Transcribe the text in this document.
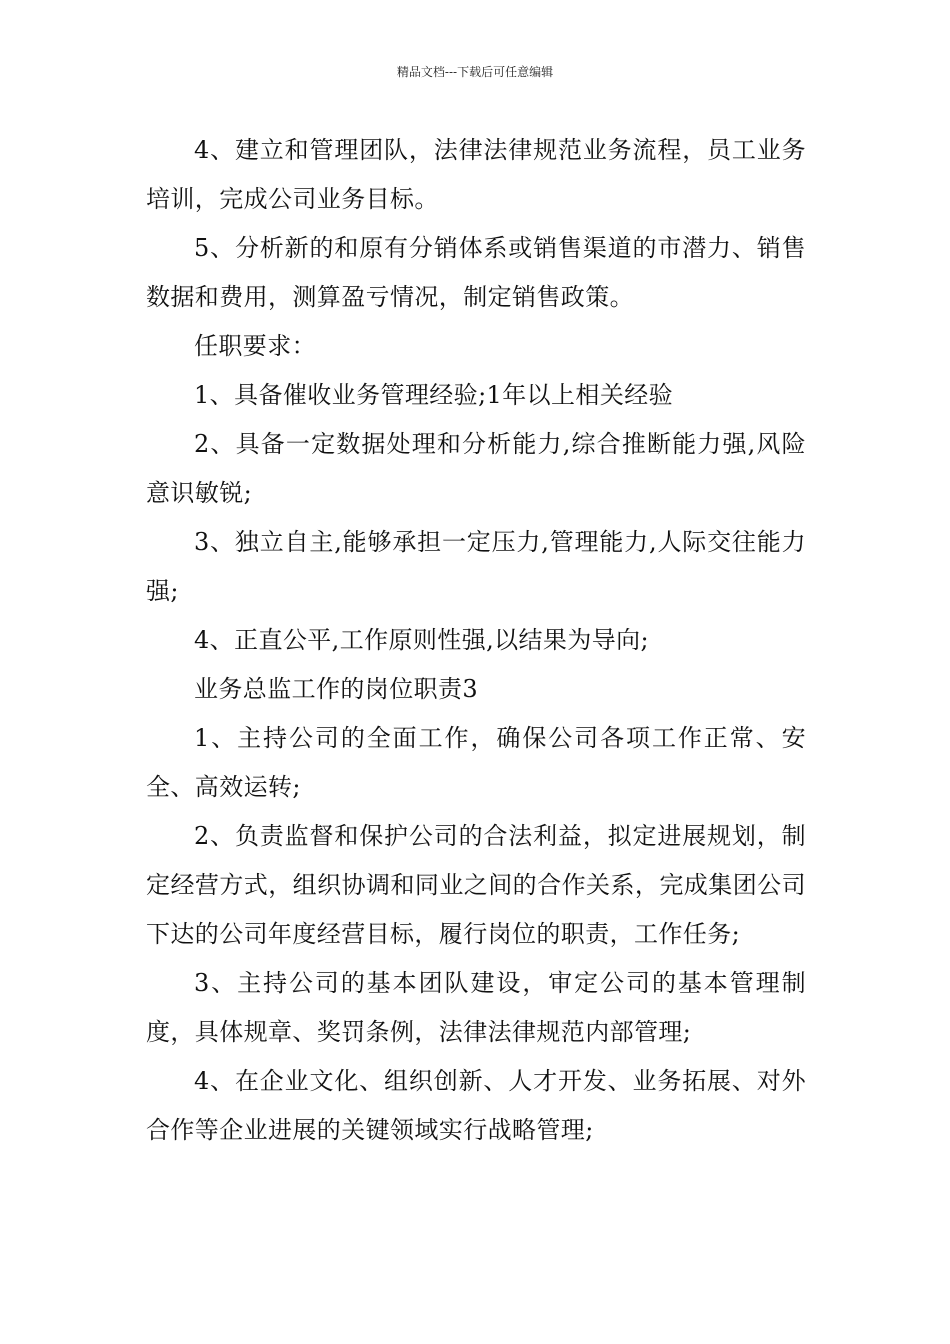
精品文档---下载后可任意编辑

4、建立和管理团队，法律法律规范业务流程，员工业务培训，完成公司业务目标。

5、分析新的和原有分销体系或销售渠道的市潜力、销售数据和费用，测算盈亏情况，制定销售政策。

任职要求：

1、具备催收业务管理经验;1年以上相关经验

2、具备一定数据处理和分析能力,综合推断能力强,风险意识敏锐;

3、独立自主,能够承担一定压力,管理能力,人际交往能力强;

4、正直公平,工作原则性强,以结果为导向;

业务总监工作的岗位职责3

1、主持公司的全面工作，确保公司各项工作正常、安全、高效运转;

2、负责监督和保护公司的合法利益，拟定进展规划，制定经营方式，组织协调和同业之间的合作关系，完成集团公司下达的公司年度经营目标，履行岗位的职责，工作任务;

3、主持公司的基本团队建设，审定公司的基本管理制度，具体规章、奖罚条例，法律法律规范内部管理;

4、在企业文化、组织创新、人才开发、业务拓展、对外合作等企业进展的关键领域实行战略管理;
